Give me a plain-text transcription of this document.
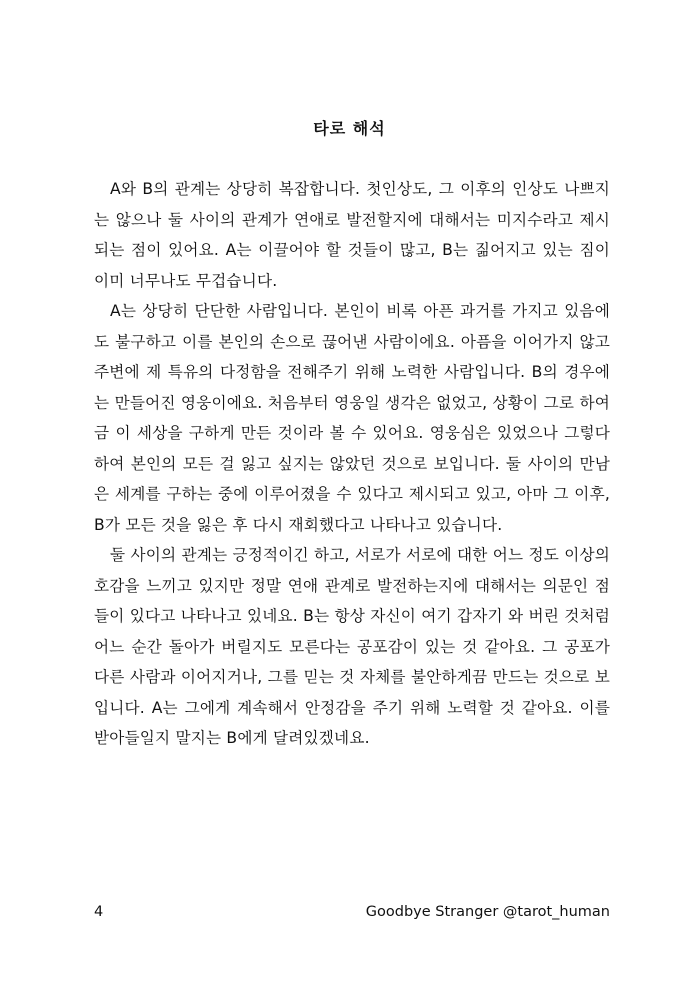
타로 해석

A와 B의 관계는 상당히 복잡합니다. 첫인상도, 그 이후의 인상도 나쁘지는 않으나 둘 사이의 관계가 연애로 발전할지에 대해서는 미지수라고 제시되는 점이 있어요. A는 이끌어야 할 것들이 많고, B는 짊어지고 있는 짐이 이미 너무나도 무겁습니다.

A는 상당히 단단한 사람입니다. 본인이 비록 아픈 과거를 가지고 있음에도 불구하고 이를 본인의 손으로 끊어낸 사람이에요. 아픔을 이어가지 않고 주변에 제 특유의 다정함을 전해주기 위해 노력한 사람입니다. B의 경우에는 만들어진 영웅이에요. 처음부터 영웅일 생각은 없었고, 상황이 그로 하여금 이 세상을 구하게 만든 것이라 볼 수 있어요. 영웅심은 있었으나 그렇다 하여 본인의 모든 걸 잃고 싶지는 않았던 것으로 보입니다. 둘 사이의 만남은 세계를 구하는 중에 이루어졌을 수 있다고 제시되고 있고, 아마 그 이후, B가 모든 것을 잃은 후 다시 재회했다고 나타나고 있습니다.

둘 사이의 관계는 긍정적이긴 하고, 서로가 서로에 대한 어느 정도 이상의 호감을 느끼고 있지만 정말 연애 관계로 발전하는지에 대해서는 의문인 점들이 있다고 나타나고 있네요. B는 항상 자신이 여기 갑자기 와 버린 것처럼 어느 순간 돌아가 버릴지도 모른다는 공포감이 있는 것 같아요. 그 공포가 다른 사람과 이어지거나, 그를 믿는 것 자체를 불안하게끔 만드는 것으로 보입니다. A는 그에게 계속해서 안정감을 주기 위해 노력할 것 같아요. 이를 받아들일지 말지는 B에게 달려있겠네요.

4	Goodbye Stranger @tarot_human
